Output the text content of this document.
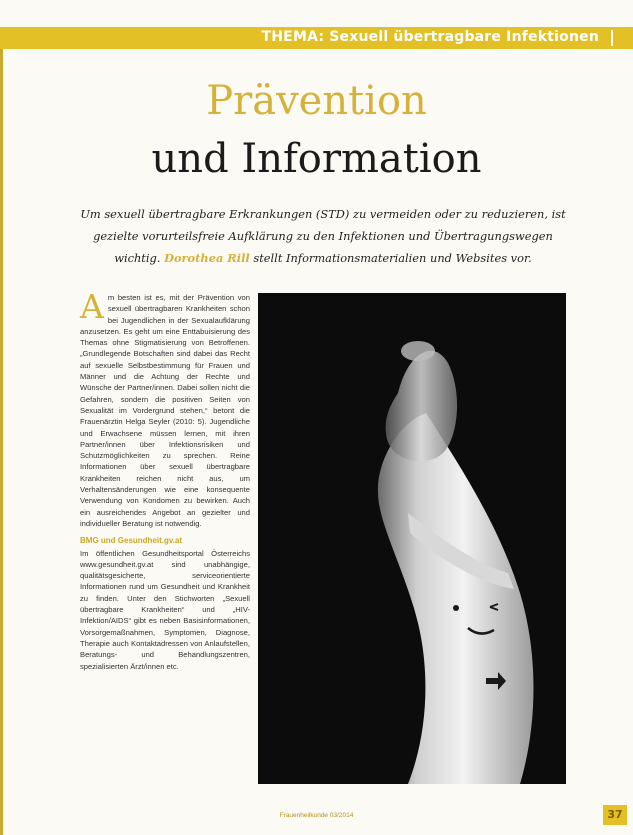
THEMA: Sexuell übertragbare Infektionen
Prävention
und Information
Um sexuell übertragbare Erkrankungen (STD) zu vermeiden oder zu reduzieren, ist gezielte vorurteilsfreie Aufklärung zu den Infektionen und Übertragungswegen wichtig. Dorothea Rill stellt Informationsmaterialien und Websites vor.
A m besten ist es, mit der Prävention von sexuell übertragbaren Krankheiten schon bei Jugendlichen in der Sexualaufklärung anzusetzen. Es geht um eine Enttabuisierung des Themas ohne Stigmatisierung von Betroffenen. „Grundlegende Botschaften sind dabei das Recht auf sexuelle Selbstbestimmung für Frauen und Männer und die Achtung der Rechte und Wünsche der Partner/innen. Dabei sollen nicht die Gefahren, sondern die positiven Seiten von Sexualität im Vordergrund stehen,“ betont die Frauenärztin Helga Seyler (2010: 5). Jugendliche und Erwachsene müssen lernen, mit ihren Partner/innen über Infektionsrisiken und Schutzmöglichkeiten zu sprechen. Reine Informationen über sexuell übertragbare Krankheiten reichen nicht aus, um Verhaltensänderungen wie eine konsequente Verwendung von Kondomen zu bewirken. Auch ein ausreichendes Angebot an gezielter und individueller Beratung ist notwendig.

BMG und Gesundheit.gv.at

Im öffentlichen Gesundheitsportal Österreichs www.gesundheit.gv.at sind unabhängige, qualitätsgesicherte, serviceorientierte Informationen rund um Gesundheit und Krankheit zu finden. Unter den Stichworten „Sexuell übertragbare Krankheiten“ und „HIV-Infektion/AIDS“ gibt es neben Basisinformationen, Vorsorgemaßnahmen, Symptomen, Diagnose, Therapie auch Kontaktadressen von Anlaufstellen, Beratungs- und Behandlungszentren, spezialisierten Ärzt/innen etc.

Frauenheilkunde 03/2014	37
